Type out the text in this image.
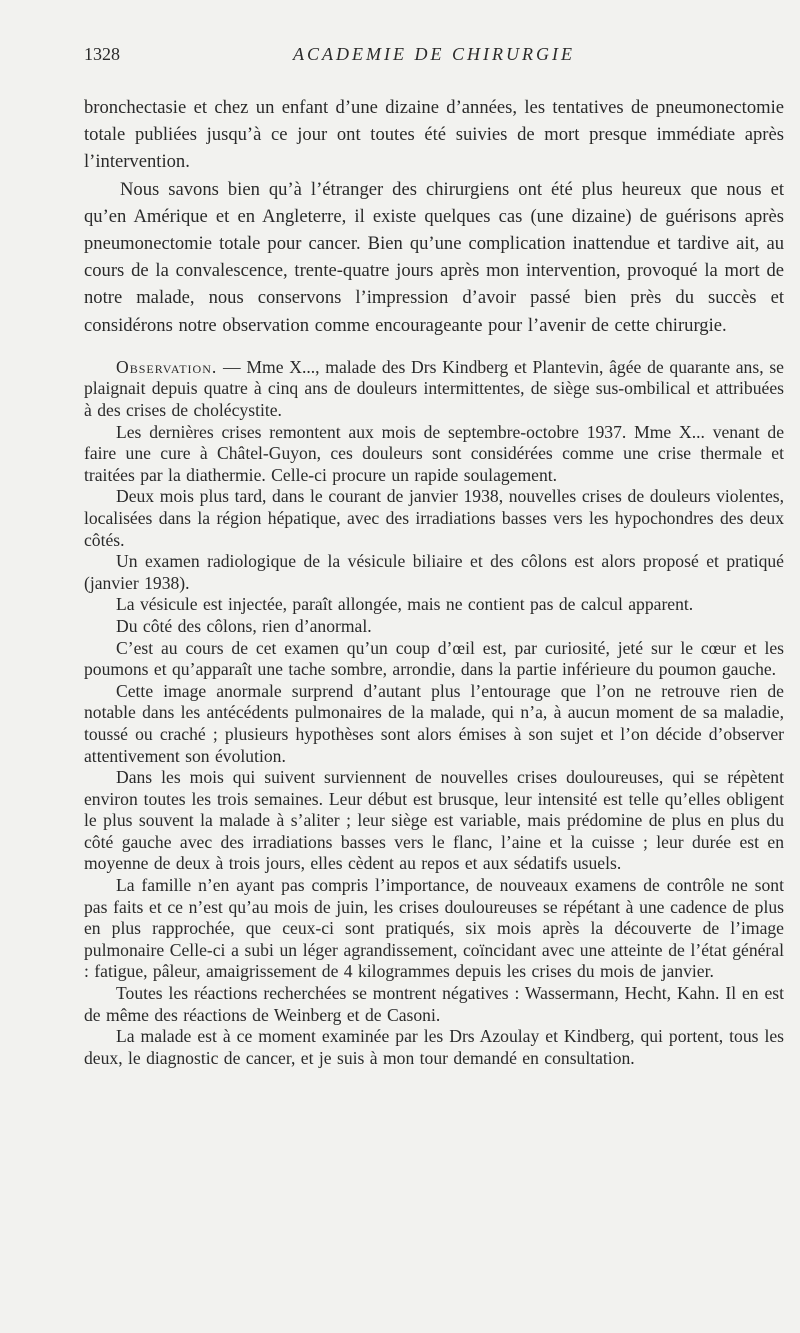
1328	ACADEMIE DE CHIRURGIE

bronchectasie et chez un enfant d’une dizaine d’années, les tentatives de pneumonectomie totale publiées jusqu’à ce jour ont toutes été suivies de mort presque immédiate après l’intervention.

Nous savons bien qu’à l’étranger des chirurgiens ont été plus heureux que nous et qu’en Amérique et en Angleterre, il existe quelques cas (une dizaine) de guérisons après pneumonectomie totale pour cancer. Bien qu’une complication inattendue et tardive ait, au cours de la convalescence, trente-quatre jours après mon intervention, provoqué la mort de notre malade, nous conservons l’impression d’avoir passé bien près du succès et considérons notre observation comme encourageante pour l’avenir de cette chirurgie.

Observation. — Mme X..., malade des Drs Kindberg et Plantevin, âgée de quarante ans, se plaignait depuis quatre à cinq ans de douleurs intermittentes, de siège sus-ombilical et attribuées à des crises de cholécystite.

Les dernières crises remontent aux mois de septembre-octobre 1937. Mme X... venant de faire une cure à Châtel-Guyon, ces douleurs sont considérées comme une crise thermale et traitées par la diathermie. Celle-ci procure un rapide soulagement.

Deux mois plus tard, dans le courant de janvier 1938, nouvelles crises de douleurs violentes, localisées dans la région hépatique, avec des irradiations basses vers les hypochondres des deux côtés.

Un examen radiologique de la vésicule biliaire et des côlons est alors proposé et pratiqué (janvier 1938).

La vésicule est injectée, paraît allongée, mais ne contient pas de calcul apparent.

Du côté des côlons, rien d’anormal.

C’est au cours de cet examen qu’un coup d’œil est, par curiosité, jeté sur le cœur et les poumons et qu’apparaît une tache sombre, arrondie, dans la partie inférieure du poumon gauche.

Cette image anormale surprend d’autant plus l’entourage que l’on ne retrouve rien de notable dans les antécédents pulmonaires de la malade, qui n’a, à aucun moment de sa maladie, toussé ou craché ; plusieurs hypothèses sont alors émises à son sujet et l’on décide d’observer attentivement son évolution.

Dans les mois qui suivent surviennent de nouvelles crises douloureuses, qui se répètent environ toutes les trois semaines. Leur début est brusque, leur intensité est telle qu’elles obligent le plus souvent la malade à s’aliter ; leur siège est variable, mais prédomine de plus en plus du côté gauche avec des irradiations basses vers le flanc, l’aine et la cuisse ; leur durée est en moyenne de deux à trois jours, elles cèdent au repos et aux sédatifs usuels.

La famille n’en ayant pas compris l’importance, de nouveaux examens de contrôle ne sont pas faits et ce n’est qu’au mois de juin, les crises douloureuses se répétant à une cadence de plus en plus rapprochée, que ceux-ci sont pratiqués, six mois après la découverte de l’image pulmonaire Celle-ci a subi un léger agrandissement, coïncidant avec une atteinte de l’état général : fatigue, pâleur, amaigrissement de 4 kilogrammes depuis les crises du mois de janvier.

Toutes les réactions recherchées se montrent négatives : Wassermann, Hecht, Kahn. Il en est de même des réactions de Weinberg et de Casoni.

La malade est à ce moment examinée par les Drs Azoulay et Kindberg, qui portent, tous les deux, le diagnostic de cancer, et je suis à mon tour demandé en consultation.
